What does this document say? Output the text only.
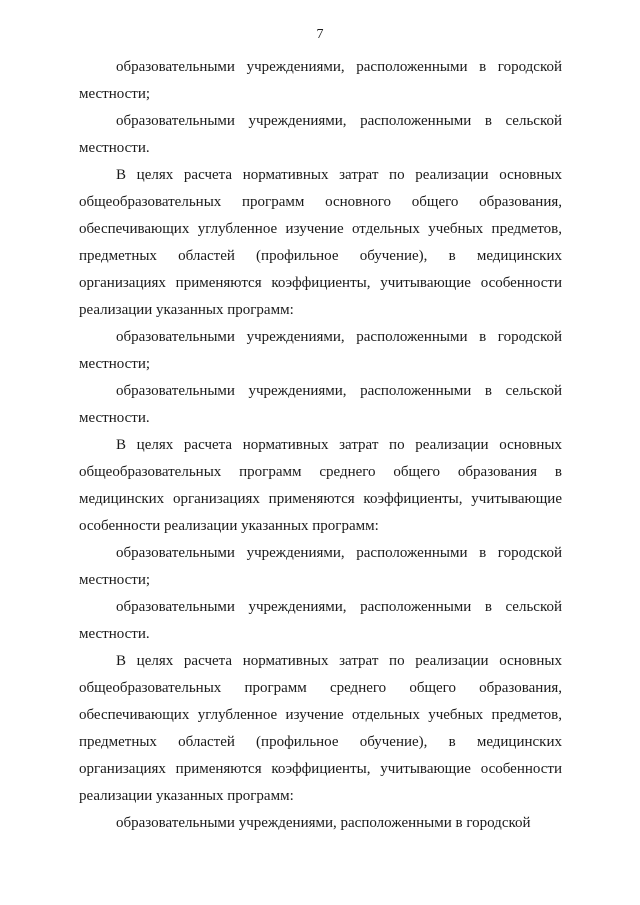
7

образовательными учреждениями, расположенными в городской местности;

образовательными учреждениями, расположенными в сельской местности.

В целях расчета нормативных затрат по реализации основных общеобразовательных программ основного общего образования, обеспечивающих углубленное изучение отдельных учебных предметов, предметных областей (профильное обучение), в медицинских организациях применяются коэффициенты, учитывающие особенности реализации указанных программ:

образовательными учреждениями, расположенными в городской местности;

образовательными учреждениями, расположенными в сельской местности.

В целях расчета нормативных затрат по реализации основных общеобразовательных программ среднего общего образования в медицинских организациях применяются коэффициенты, учитывающие особенности реализации указанных программ:

образовательными учреждениями, расположенными в городской местности;

образовательными учреждениями, расположенными в сельской местности.

В целях расчета нормативных затрат по реализации основных общеобразовательных программ среднего общего образования, обеспечивающих углубленное изучение отдельных учебных предметов, предметных областей (профильное обучение), в медицинских организациях применяются коэффициенты, учитывающие особенности реализации указанных программ:

образовательными учреждениями, расположенными в городской
